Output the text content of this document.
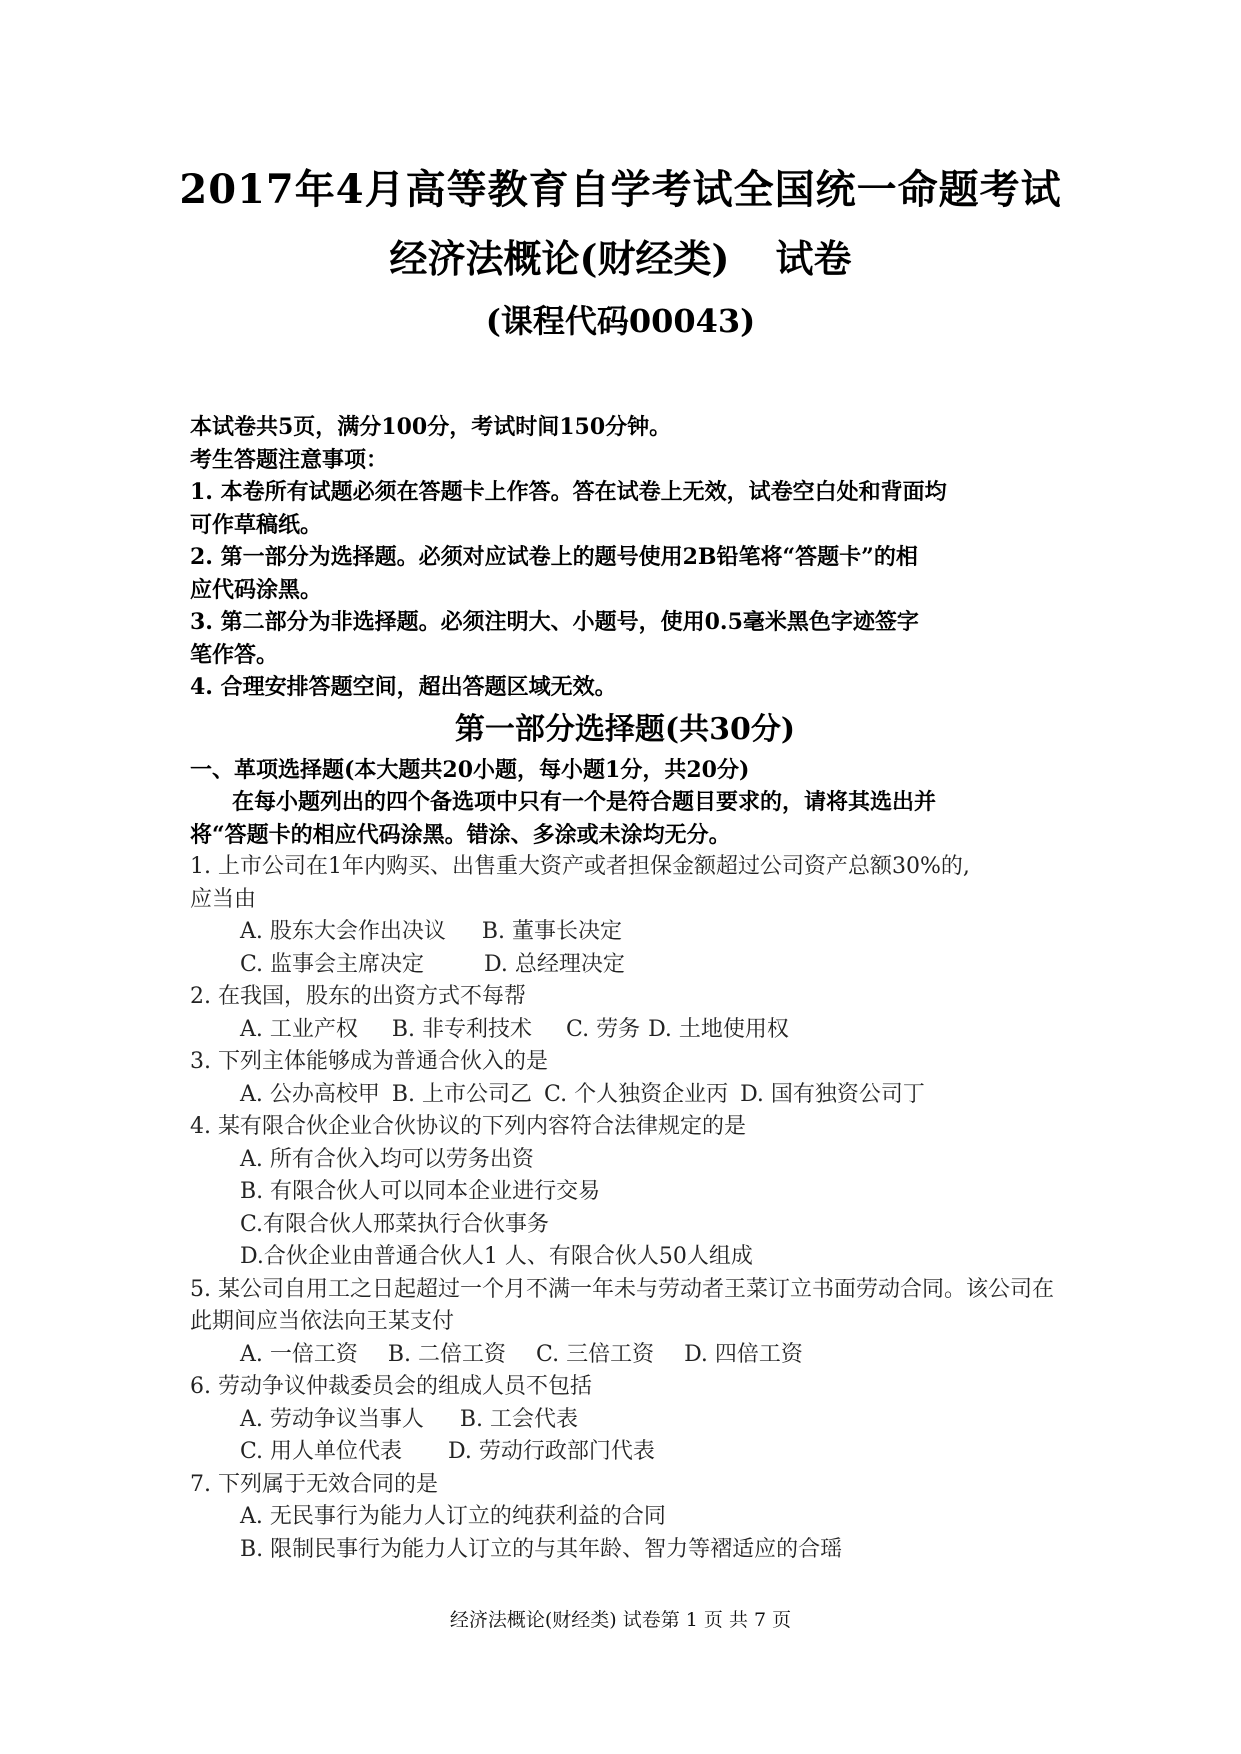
2017年4月高等教育自学考试全国统一命题考试
经济法概论(财经类) 试卷
(课程代码00043)
本试卷共5页，满分100分，考试时间150分钟。
考生答题注意事项：
1. 本卷所有试题必须在答题卡上作答。答在试卷上无效，试卷空白处和背面均
可作草稿纸。
2. 第一部分为选择题。必须对应试卷上的题号使用2B铅笔将“答题卡”的相
应代码涂黑。
3. 第二部分为非选择题。必须注明大、小题号，使用0.5毫米黑色字迹签字
笔作答。
4. 合理安排答题空间，超出答题区域无效。
第一部分选择题(共30分)
一、革项选择题(本大题共20小题，每小题1分，共20分)
在每小题列出的四个备选项中只有一个是符合题目要求的，请将其选出并
将“答题卡的相应代码涂黑。错涂、多涂或未涂均无分。
1. 上市公司在1年内购买、出售重大资产或者担保金额超过公司资产总额30%的,
应当由
A. 股东大会作出决议 B. 董事长决定
C. 监事会主席决定	D. 总经理决定
2. 在我国，股东的出资方式不每帮
A. 工业产权 B. 非专利技术 C. 劳务 D. 土地使用权
3. 下列主体能够成为普通合伙入的是
A. 公办高校甲 B. 上市公司乙 C. 个人独资企业丙 D. 国有独资公司丁
4. 某有限合伙企业合伙协议的下列内容符合法律规定的是
A. 所有合伙入均可以劳务出资
B. 有限合伙人可以同本企业进行交易
C.有限合伙人邢菜执行合伙事务
D.合伙企业由普通合伙人1 人、有限合伙人50人组成
5. 某公司自用工之日起超过一个月不满一年未与劳动者王菜订立书面劳动合同。该公司在
此期间应当依法向王某支付
A. 一倍工资 B. 二倍工资 C. 三倍工资 D. 四倍工资
6. 劳动争议仲裁委员会的组成人员不包括
A. 劳动争议当事人 B. 工会代表
C. 用人单位代表 D. 劳动行政部门代表
7. 下列属于无效合同的是
A. 无民事行为能力人订立的纯获利益的合同
B. 限制民事行为能力人订立的与其年龄、智力等褶适应的合瑶
经济法概论(财经类) 试卷第 1 页 共 7 页
